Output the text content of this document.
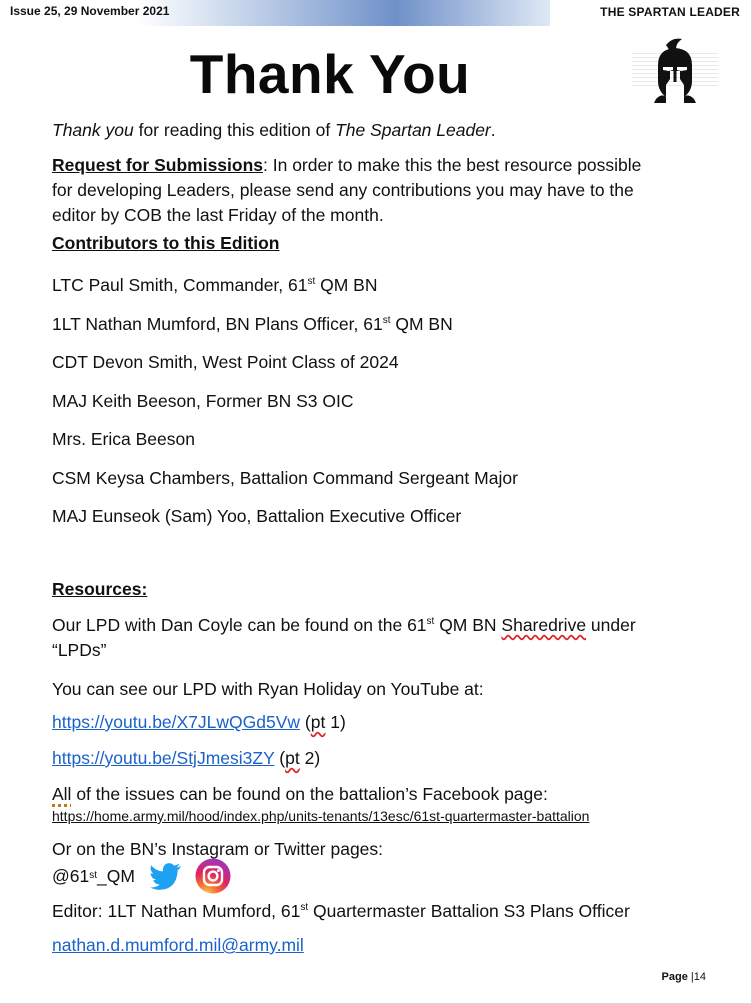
Issue 25, 29 November 2021	THE SPARTAN LEADER
Thank You
Thank you for reading this edition of The Spartan Leader.
Request for Submissions: In order to make this the best resource possible
for developing Leaders, please send any contributions you may have to the
editor by COB the last Friday of the month.
Contributors to this Edition
LTC Paul Smith, Commander, 61st QM BN
1LT Nathan Mumford, BN Plans Officer, 61st QM BN
CDT Devon Smith, West Point Class of 2024
MAJ Keith Beeson, Former BN S3 OIC
Mrs. Erica Beeson
CSM Keysa Chambers, Battalion Command Sergeant Major
MAJ Eunseok (Sam) Yoo, Battalion Executive Officer
Resources:
Our LPD with Dan Coyle can be found on the 61st QM BN Sharedrive under
“LPDs”
You can see our LPD with Ryan Holiday on YouTube at:
https://youtu.be/X7JLwQGd5Vw (pt 1)
https://youtu.be/StjJmesi3ZY (pt 2)
All of the issues can be found on the battalion’s Facebook page:
https://home.army.mil/hood/index.php/units-tenants/13esc/61st-quartermaster-battalion
Or on the BN’s Instagram or Twitter pages:
@61 st _QM
Editor: 1LT Nathan Mumford, 61st Quartermaster Battalion S3 Plans Officer
nathan.d.mumford.mil@army.mil
Page |14
